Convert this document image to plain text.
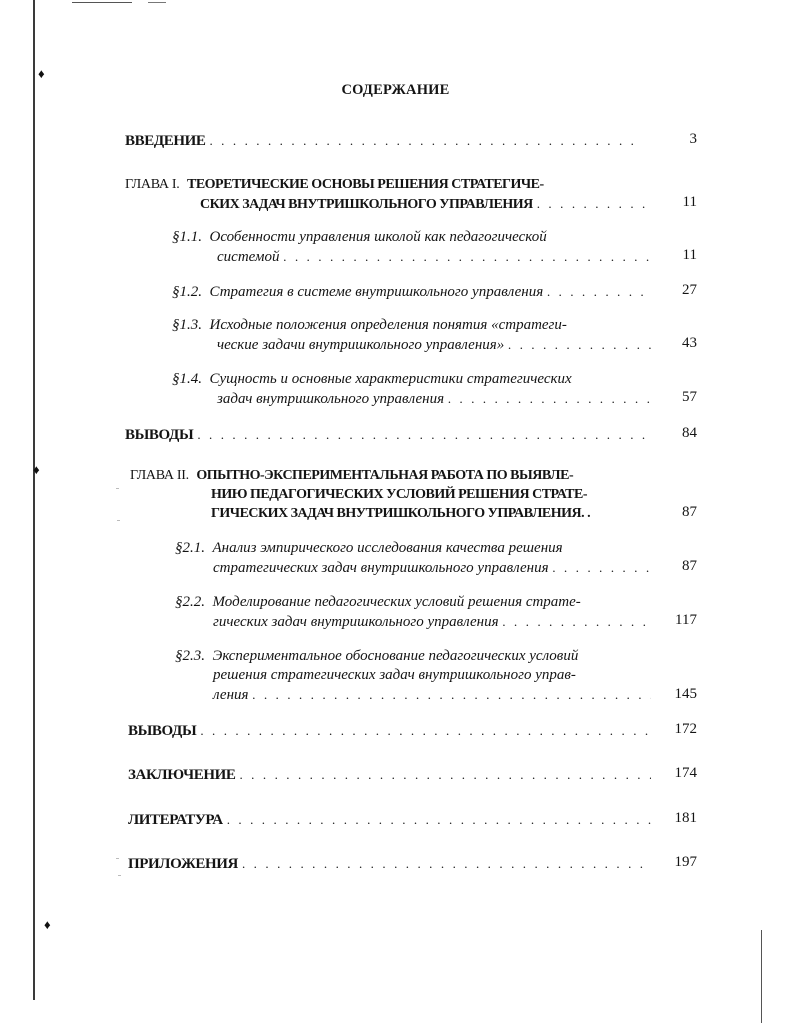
♦
♦
♦
СОДЕРЖАНИЕ
ВВЕДЕНИЕ . . .	3
ГЛАВА I.
ТЕОРЕТИЧЕСКИЕ ОСНОВЫ РЕШЕНИЯ СТРАТЕГИЧЕ-
СКИХ ЗАДАЧ ВНУТРИШКОЛЬНОГО УПРАВЛЕНИЯ . . .	11
§1.1. Особенности управления школой как педагогической
системой . . .	11
§1.2.
Стратегия в системе внутришкольного управления . . .	27
§1.3.
Исходные положения определения понятия «стратеги-
ческие задачи внутришкольного управления» . . .	43
§1.4.
Сущность и основные характеристики стратегических
задач внутришкольного управления . . .	57
ВЫВОДЫ . . .	84
ГЛАВА II.
ОПЫТНО-ЭКСПЕРИМЕНТАЛЬНАЯ РАБОТА ПО ВЫЯВЛЕ-
НИЮ ПЕДАГОГИЧЕСКИХ УСЛОВИЙ РЕШЕНИЯ СТРАТЕ-
ГИЧЕСКИХ ЗАДАЧ ВНУТРИШКОЛЬНОГО УПРАВЛЕНИЯ. .	87
§2.1.
Анализ эмпирического исследования качества решения
стратегических задач внутришкольного управления . . .	87
§2.2.
Моделирование педагогических условий решения страте-
гических задач внутришкольного управления . . .	117
§2.3.
Экспериментальное обоснование педагогических условий
решения стратегических задач внутришкольного управ-
ления . . .	145
ВЫВОДЫ . . .	172
ЗАКЛЮЧЕНИЕ . . .	174
ЛИТЕРАТУРА . . .	181
ПРИЛОЖЕНИЯ . . .	197
